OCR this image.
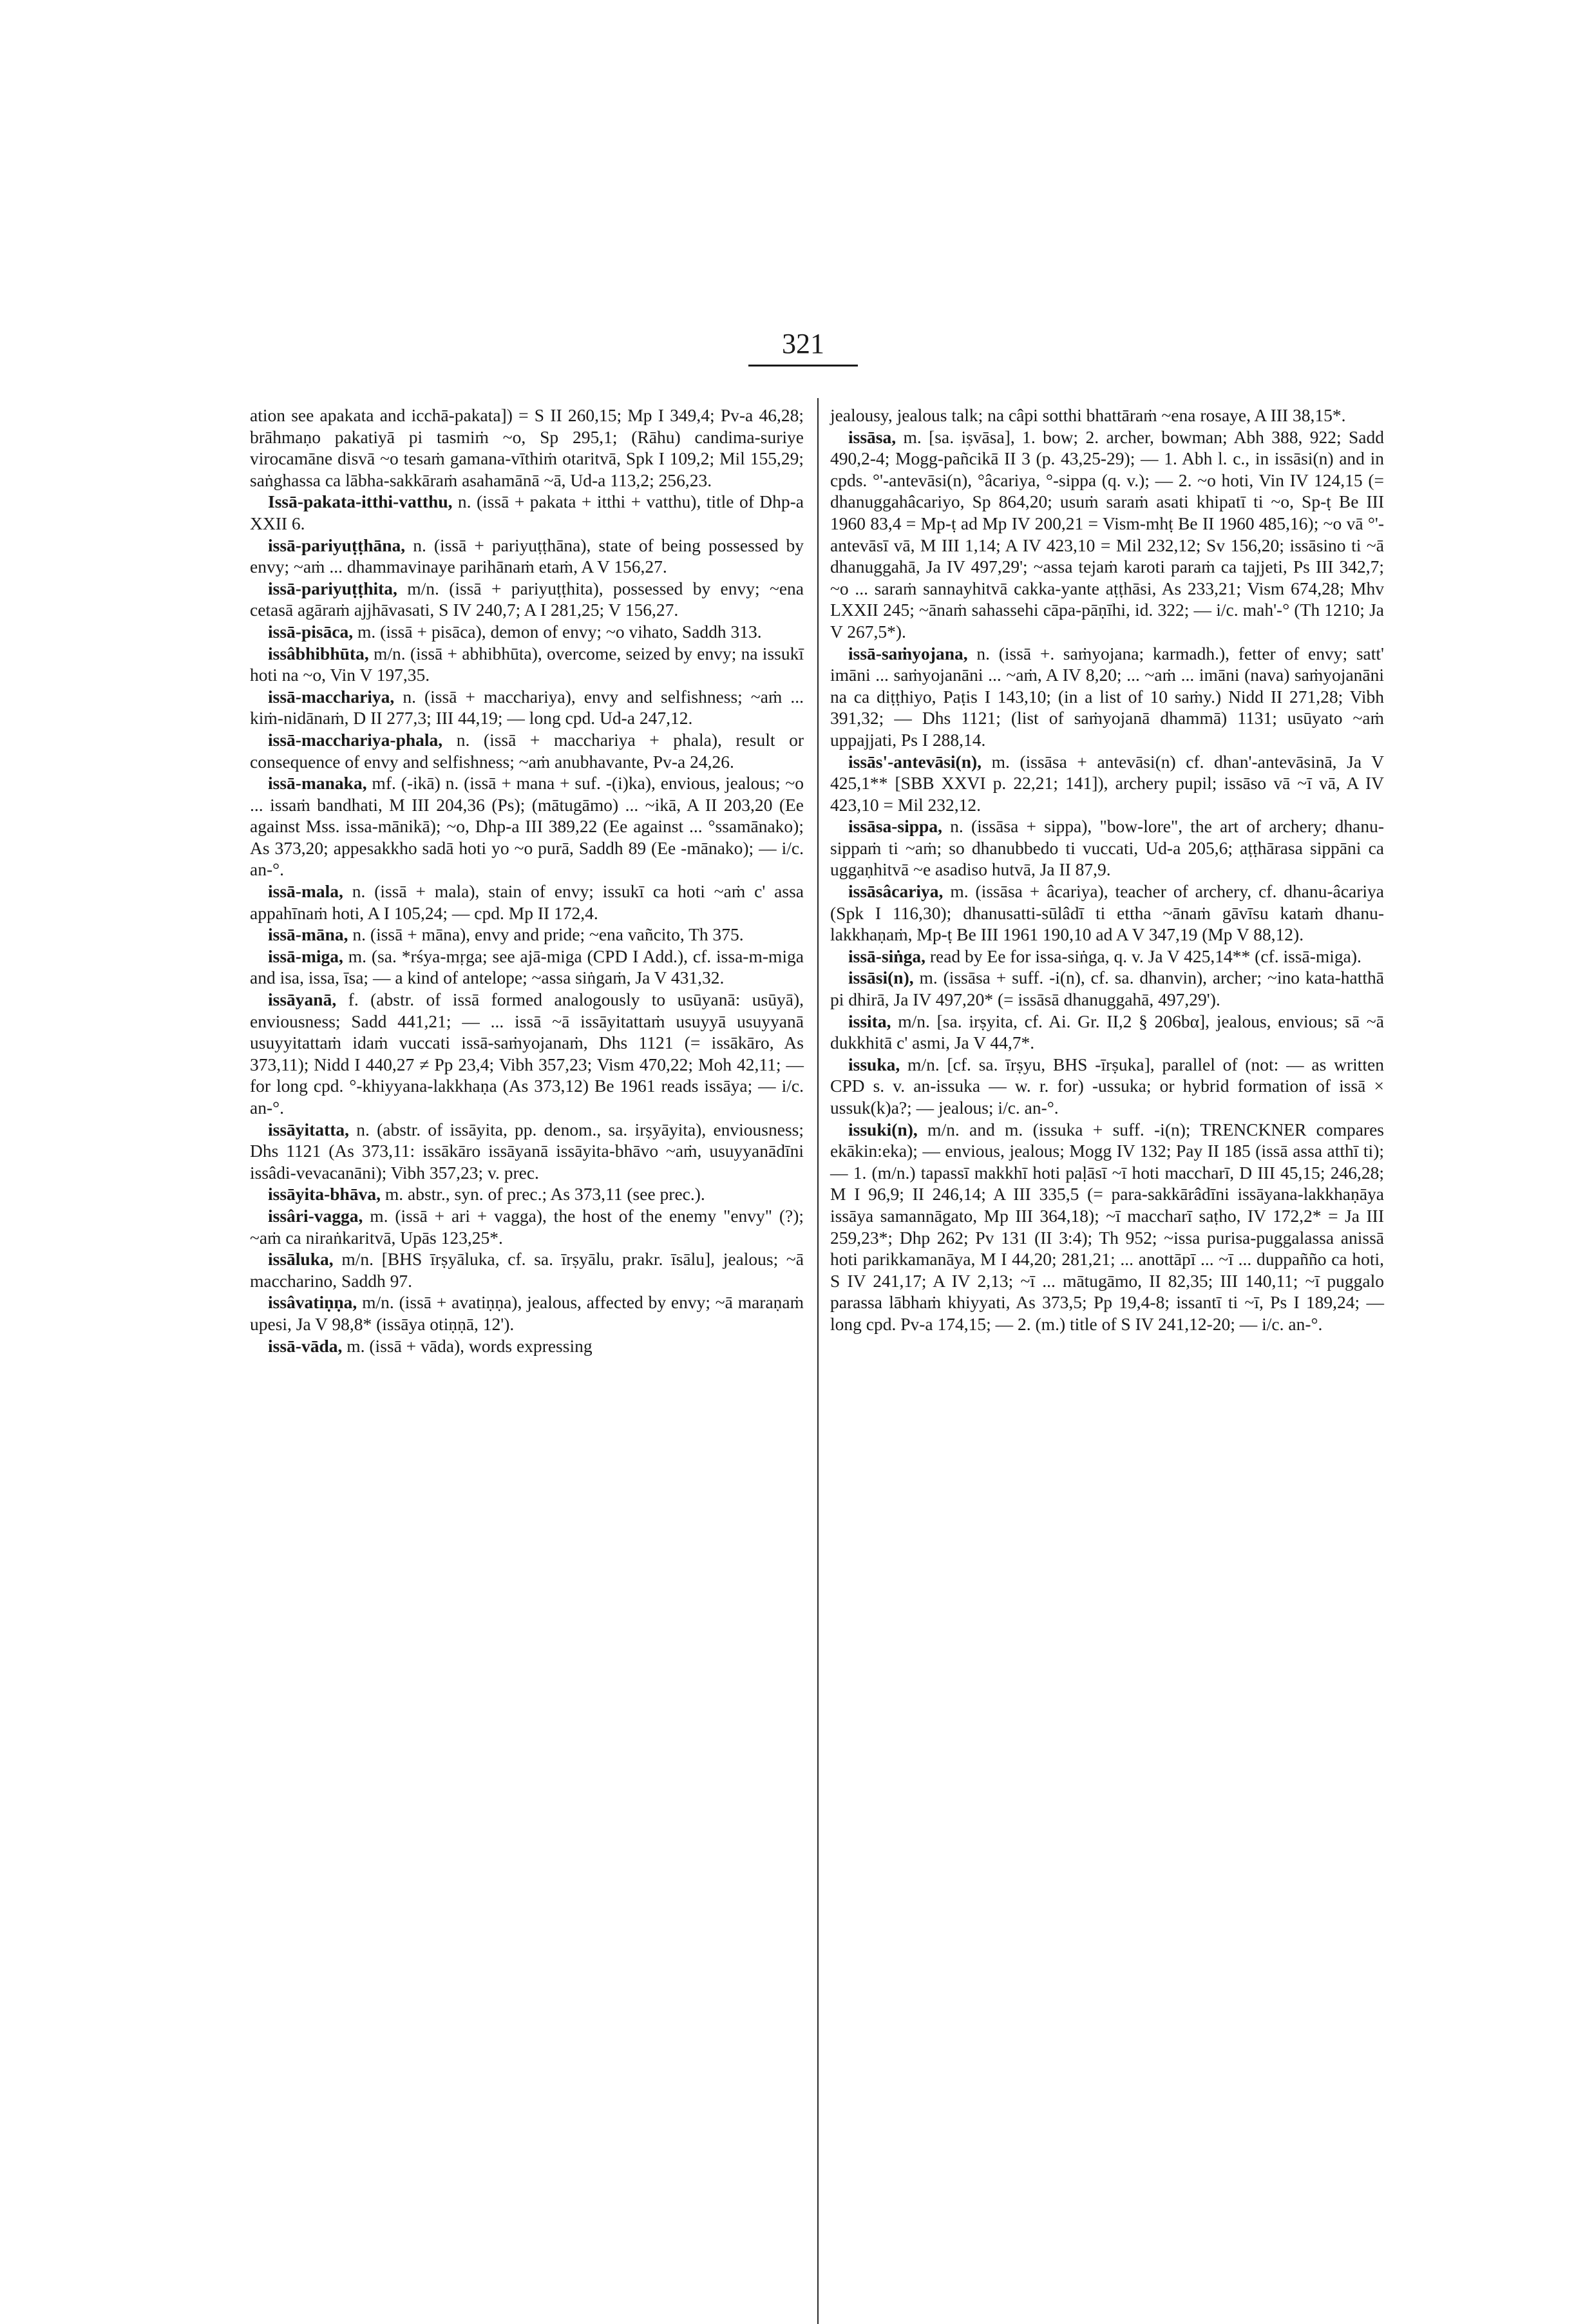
321

ation see apakata and icchā-pakata]) = S II 260,15; Mp I 349,4; Pv-a 46,28; brāhmaṇo pakatiyā pi tasmiṁ ~o, Sp 295,1; (Rāhu) candima-suriye virocamāne disvā ~o tesaṁ gamana-vīthiṁ otaritvā, Spk I 109,2; Mil 155,29; saṅghassa ca lābha-sakkāraṁ asahamānā ~ā, Ud-a 113,2; 256,23.

Issā-pakata-itthi-vatthu, n. (issā + pakata + itthi + vatthu), title of Dhp-a XXII 6.

issā-pariyuṭṭhāna, n. (issā + pariyuṭṭhāna), state of being possessed by envy; ~aṁ ... dhammavinaye parihānaṁ etaṁ, A V 156,27.

issā-pariyuṭṭhita, m/n. (issā + pariyuṭṭhita), possessed by envy; ~ena cetasā agāraṁ ajjhāvasati, S IV 240,7; A I 281,25; V 156,27.

issā-pisāca, m. (issā + pisāca), demon of envy; ~o vihato, Saddh 313.

issâbhibhūta, m/n. (issā + abhibhūta), overcome, seized by envy; na issukī hoti na ~o, Vin V 197,35.

issā-macchariya, n. (issā + macchariya), envy and selfishness; ~aṁ ... kiṁ-nidānaṁ, D II 277,3; III 44,19; — long cpd. Ud-a 247,12.

issā-macchariya-phala, n. (issā + macchariya + phala), result or consequence of envy and selfishness; ~aṁ anubhavante, Pv-a 24,26.

issā-manaka, mf. (-ikā) n. (issā + mana + suf. -(i)ka), envious, jealous; ~o ... issaṁ bandhati, M III 204,36 (Ps); (mātugāmo) ... ~ikā, A II 203,20 (Ee against Mss. issa-mānikā); ~o, Dhp-a III 389,22 (Ee against ... °ssamānako); As 373,20; appesakkho sadā hoti yo ~o purā, Saddh 89 (Ee -mānako); — i/c. an-°.

issā-mala, n. (issā + mala), stain of envy; issukī ca hoti ~aṁ c' assa appahīnaṁ hoti, A I 105,24; — cpd. Mp II 172,4.

issā-māna, n. (issā + māna), envy and pride; ~ena vañcito, Th 375.

issā-miga, m. (sa. *rśya-mṛga; see ajā-miga (CPD I Add.), cf. issa-m-miga and isa, issa, īsa; — a kind of antelope; ~assa siṅgaṁ, Ja V 431,32.

issāyanā, f. (abstr. of issā formed analogously to usūyanā: usūyā), enviousness; Sadd 441,21; — ... issā ~ā issāyitattaṁ usuyyā usuyyanā usuyyitattaṁ idaṁ vuccati issā-saṁyojanaṁ, Dhs 1121 (= issākāro, As 373,11); Nidd I 440,27 ≠ Pp 23,4; Vibh 357,23; Vism 470,22; Moh 42,11; — for long cpd. °-khiyyana-lakkhaṇa (As 373,12) Be 1961 reads issāya; — i/c. an-°.

issāyitatta, n. (abstr. of issāyita, pp. denom., sa. irṣyāyita), enviousness; Dhs 1121 (As 373,11: issākāro issāyanā issāyita-bhāvo ~aṁ, usuyyanādīni issâdi-vevacanāni); Vibh 357,23; v. prec.

issāyita-bhāva, m. abstr., syn. of prec.; As 373,11 (see prec.).

issâri-vagga, m. (issā + ari + vagga), the host of the enemy "envy" (?); ~aṁ ca niraṅkaritvā, Upās 123,25*.

issāluka, m/n. [BHS īrṣyāluka, cf. sa. īrṣyālu, prakr. īsālu], jealous; ~ā maccharino, Saddh 97.

issâvatiṇṇa, m/n. (issā + avatiṇṇa), jealous, affected by envy; ~ā maraṇaṁ upesi, Ja V 98,8* (issāya otiṇṇā, 12').

issā-vāda, m. (issā + vāda), words expressing

jealousy, jealous talk; na câpi sotthi bhattāraṁ ~ena rosaye, A III 38,15*.

issāsa, m. [sa. iṣvāsa], 1. bow; 2. archer, bowman; Abh 388, 922; Sadd 490,2-4; Mogg-pañcikā II 3 (p. 43,25-29); — 1. Abh l. c., in issāsi(n) and in cpds. °'-antevāsi(n), °âcariya, °-sippa (q. v.); — 2. ~o hoti, Vin IV 124,15 (= dhanuggahâcariyo, Sp 864,20; usuṁ saraṁ asati khipatī ti ~o, Sp-ṭ Be III 1960 83,4 = Mp-ṭ ad Mp IV 200,21 = Vism-mhṭ Be II 1960 485,16); ~o vā °'-antevāsī vā, M III 1,14; A IV 423,10 = Mil 232,12; Sv 156,20; issāsino ti ~ā dhanuggahā, Ja IV 497,29'; ~assa tejaṁ karoti paraṁ ca tajjeti, Ps III 342,7; ~o ... saraṁ sannayhitvā cakka-yante aṭṭhāsi, As 233,21; Vism 674,28; Mhv LXXII 245; ~ānaṁ sahassehi cāpa-pāṇīhi, id. 322; — i/c. mah'-° (Th 1210; Ja V 267,5*).

issā-saṁyojana, n. (issā +. saṁyojana; karmadh.), fetter of envy; satt' imāni ... saṁyojanāni ... ~aṁ, A IV 8,20; ... ~aṁ ... imāni (nava) saṁyojanāni na ca diṭṭhiyo, Paṭis I 143,10; (in a list of 10 saṁy.) Nidd II 271,28; Vibh 391,32; — Dhs 1121; (list of saṁyojanā dhammā) 1131; usūyato ~aṁ uppajjati, Ps I 288,14.

issās'-antevāsi(n), m. (issāsa + antevāsi(n) cf. dhan'-antevāsinā, Ja V 425,1** [SBB XXVI p. 22,21; 141]), archery pupil; issāso vā ~ī vā, A IV 423,10 = Mil 232,12.

issāsa-sippa, n. (issāsa + sippa), "bow-lore", the art of archery; dhanu-sippaṁ ti ~aṁ; so dhanubbedo ti vuccati, Ud-a 205,6; aṭṭhārasa sippāni ca uggaṇhitvā ~e asadiso hutvā, Ja II 87,9.

issāsâcariya, m. (issāsa + âcariya), teacher of archery, cf. dhanu-âcariya (Spk I 116,30); dhanusatti-sūlâdī ti ettha ~ānaṁ gāvīsu kataṁ dhanu-lakkhaṇaṁ, Mp-ṭ Be III 1961 190,10 ad A V 347,19 (Mp V 88,12).

issā-siṅga, read by Ee for issa-siṅga, q. v. Ja V 425,14** (cf. issā-miga).

issāsi(n), m. (issāsa + suff. -i(n), cf. sa. dhanvin), archer; ~ino kata-hatthā pi dhirā, Ja IV 497,20* (= issāsā dhanuggahā, 497,29').

issita, m/n. [sa. irṣyita, cf. Ai. Gr. II,2 § 206bα], jealous, envious; sā ~ā dukkhitā c' asmi, Ja V 44,7*.

issuka, m/n. [cf. sa. īrṣyu, BHS -īrṣuka], parallel of (not: — as written CPD s. v. an-issuka — w. r. for) -ussuka; or hybrid formation of issā × ussuk(k)a?; — jealous; i/c. an-°.

issuki(n), m/n. and m. (issuka + suff. -i(n); TRENCKNER compares ekākin:eka); — envious, jealous; Mogg IV 132; Pay II 185 (issā assa atthī ti); — 1. (m/n.) tapassī makkhī hoti paḷāsī ~ī hoti maccharī, D III 45,15; 246,28; M I 96,9; II 246,14; A III 335,5 (= para-sakkārâdīni issāyana-lakkhaṇāya issāya samannāgato, Mp III 364,18); ~ī maccharī saṭho, IV 172,2* = Ja III 259,23*; Dhp 262; Pv 131 (II 3:4); Th 952; ~issa purisa-puggalassa anissā hoti parikkamanāya, M I 44,20; 281,21; ... anottāpī ... ~ī ... duppañño ca hoti, S IV 241,17; A IV 2,13; ~ī ... mātugāmo, II 82,35; III 140,11; ~ī puggalo parassa lābhaṁ khiyyati, As 373,5; Pp 19,4-8; issantī ti ~ī, Ps I 189,24; — long cpd. Pv-a 174,15; — 2. (m.) title of S IV 241,12-20; — i/c. an-°.
